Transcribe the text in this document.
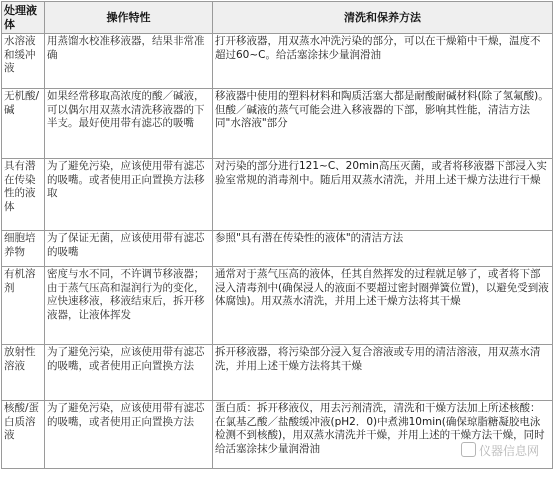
处理液体	操作特性	清洗和保养方法
水溶液和缓冲液	用蒸馏水校准移液器，结果非常准确	打开移液器，用双蒸水冲洗污染的部分，可以在干燥箱中干燥，温度不超过60~C。给活塞涂抹少量润滑油
无机酸/碱	如果经常移取高浓度的酸／碱液，可以偶尔用双蒸水清洗移液器的下半支。最好使用带有滤芯的吸嘴	移液器中使用的塑料材料和陶质活塞大都是耐酸耐碱材料(除了氢氟酸)。但酸／碱液的蒸气可能会进入移液器的下部，影响其性能，清洁方法同"水溶液"部分
具有潜在传染性的液体	为了避免污染，应该使用带有滤芯的吸嘴。或者使用正向置换方法移取	对污染的部分进行121~C、20min高压灭菌，或者将移液器下部浸入实验室常规的消毒剂中。随后用双蒸水清洗，并用上述干燥方法进行干燥
细胞培养物	为了保证无菌，应该使用带有滤芯的吸嘴	参照"具有潜在传染性的液体"的清洁方法
有机溶剂	密度与水不同，不许调节移液器；由于蒸气压高和湿润行为的变化，应快速移液，移液结束后，拆开移液器，让液体挥发	通常对于蒸气压高的液体，任其自然挥发的过程就足够了，或者将下部浸入清毒剂中(确保浸人的液面不要超过密封圈弹簧位置)，以避免受到液体腐蚀)。用双蒸水清洗，并用上述干燥方法将其干燥
放射性溶液	为了避免污染，应该使用带有滤芯的吸嘴，或者使用正向置换方法	拆开移液器，将污染部分浸入复合溶液或专用的清洁溶液，用双蒸水清洗，并用上述干燥方法将其干燥
核酸/蛋白质溶液	为了避免污染，应该使用带有滤芯的吸嘴，或者使用正向置换方法	蛋白质：拆开移液仪，用去污剂清洗，清洗和干燥方法加上所述核酸：在氯基乙酸／盐酸缓冲液(pH2．0)中煮沸10min(确保琼脂糖凝胶电泳检测不到核酸)，用双蒸水清洗并干燥，并用上述的干燥方法干燥，同时给活塞涂抹少量润滑油	仪器信息网
